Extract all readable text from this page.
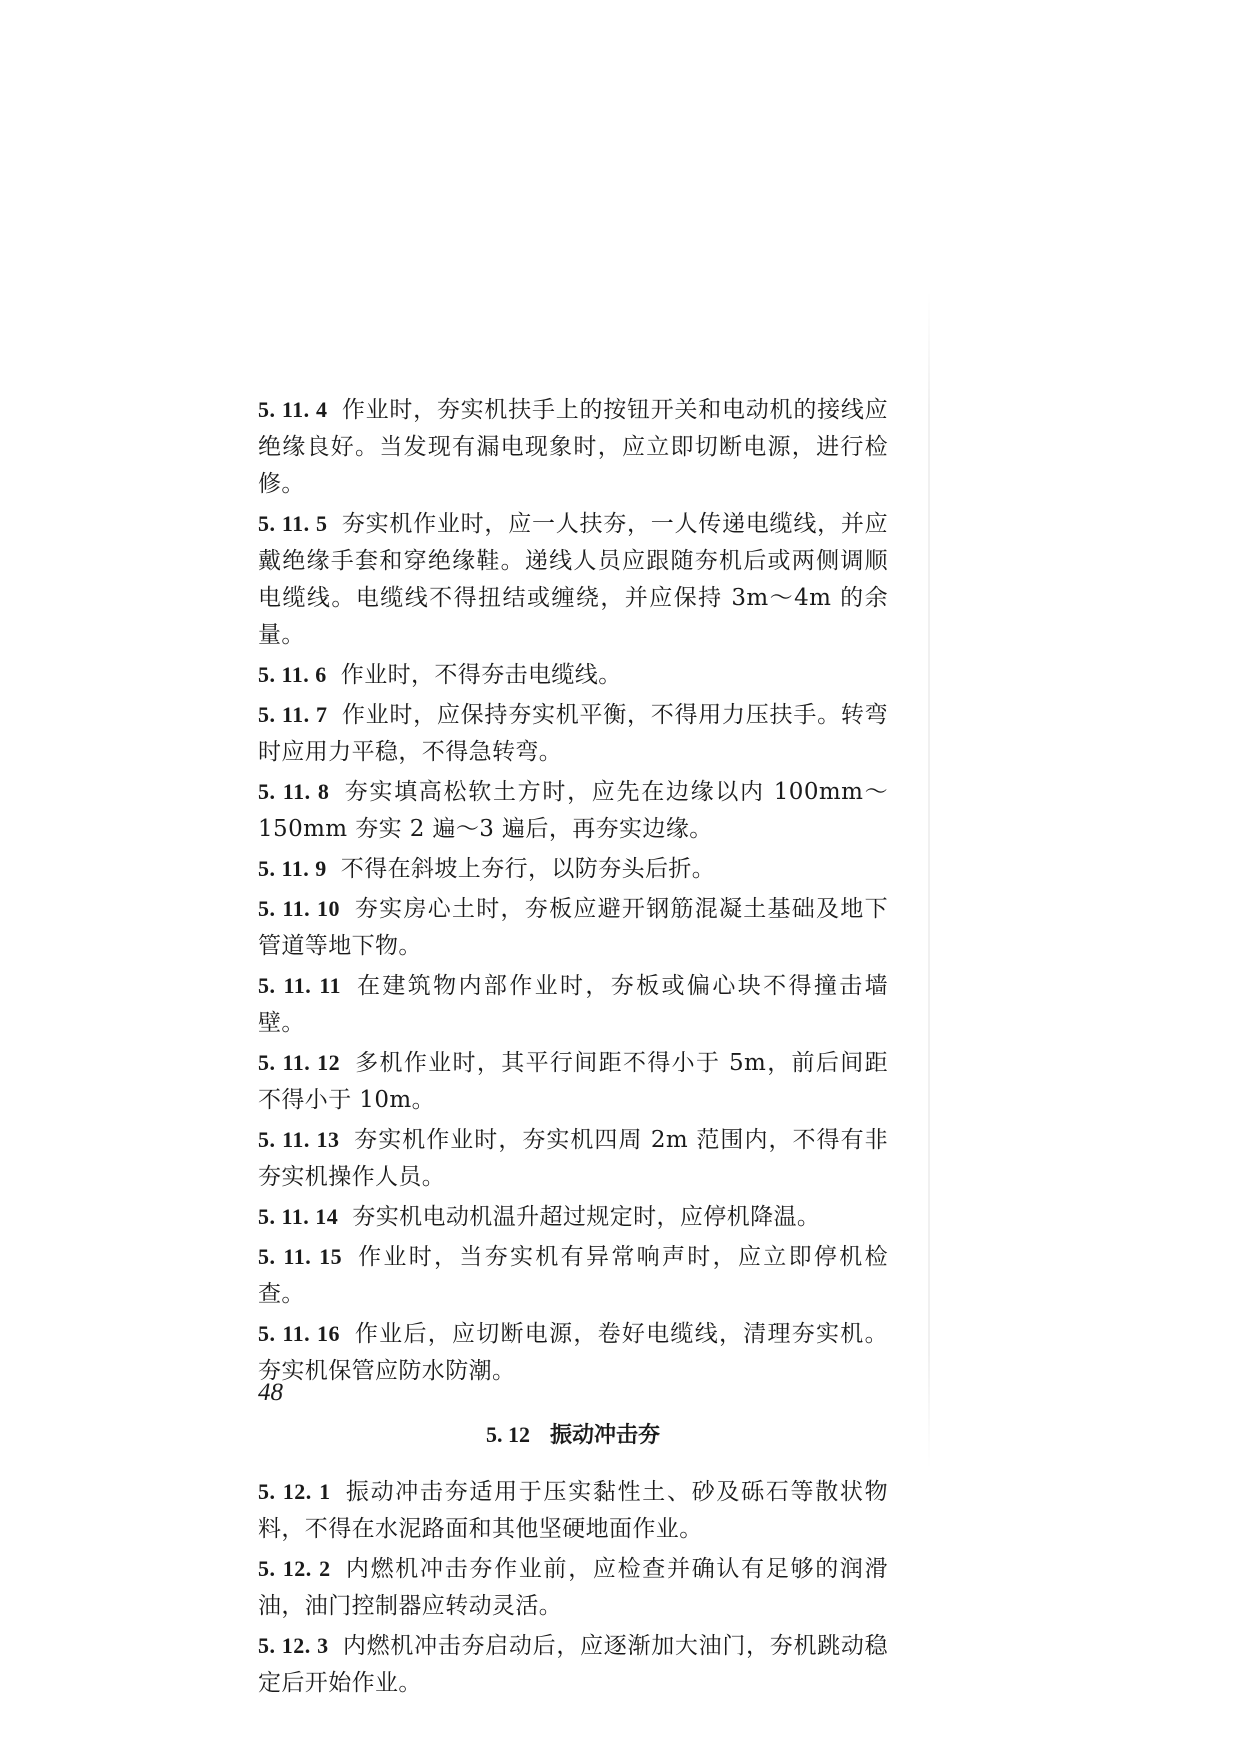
5. 11. 4 作业时，夯实机扶手上的按钮开关和电动机的接线应绝缘良好。当发现有漏电现象时，应立即切断电源，进行检修。

5. 11. 5 夯实机作业时，应一人扶夯，一人传递电缆线，并应戴绝缘手套和穿绝缘鞋。递线人员应跟随夯机后或两侧调顺电缆线。电缆线不得扭结或缠绕，并应保持 3m～4m 的余量。

5. 11. 6 作业时，不得夯击电缆线。

5. 11. 7 作业时，应保持夯实机平衡，不得用力压扶手。转弯时应用力平稳，不得急转弯。

5. 11. 8 夯实填高松软土方时，应先在边缘以内 100mm～150mm 夯实 2 遍～3 遍后，再夯实边缘。

5. 11. 9 不得在斜坡上夯行，以防夯头后折。

5. 11. 10 夯实房心土时，夯板应避开钢筋混凝土基础及地下管道等地下物。

5. 11. 11 在建筑物内部作业时，夯板或偏心块不得撞击墙壁。

5. 11. 12 多机作业时，其平行间距不得小于 5m，前后间距不得小于 10m。

5. 11. 13 夯实机作业时，夯实机四周 2m 范围内，不得有非夯实机操作人员。

5. 11. 14 夯实机电动机温升超过规定时，应停机降温。

5. 11. 15 作业时，当夯实机有异常响声时，应立即停机检查。

5. 11. 16 作业后，应切断电源，卷好电缆线，清理夯实机。夯实机保管应防水防潮。

5. 12 振动冲击夯

5. 12. 1 振动冲击夯适用于压实黏性土、砂及砾石等散状物料，不得在水泥路面和其他坚硬地面作业。

5. 12. 2 内燃机冲击夯作业前，应检查并确认有足够的润滑油，油门控制器应转动灵活。

5. 12. 3 内燃机冲击夯启动后，应逐渐加大油门，夯机跳动稳定后开始作业。

48
